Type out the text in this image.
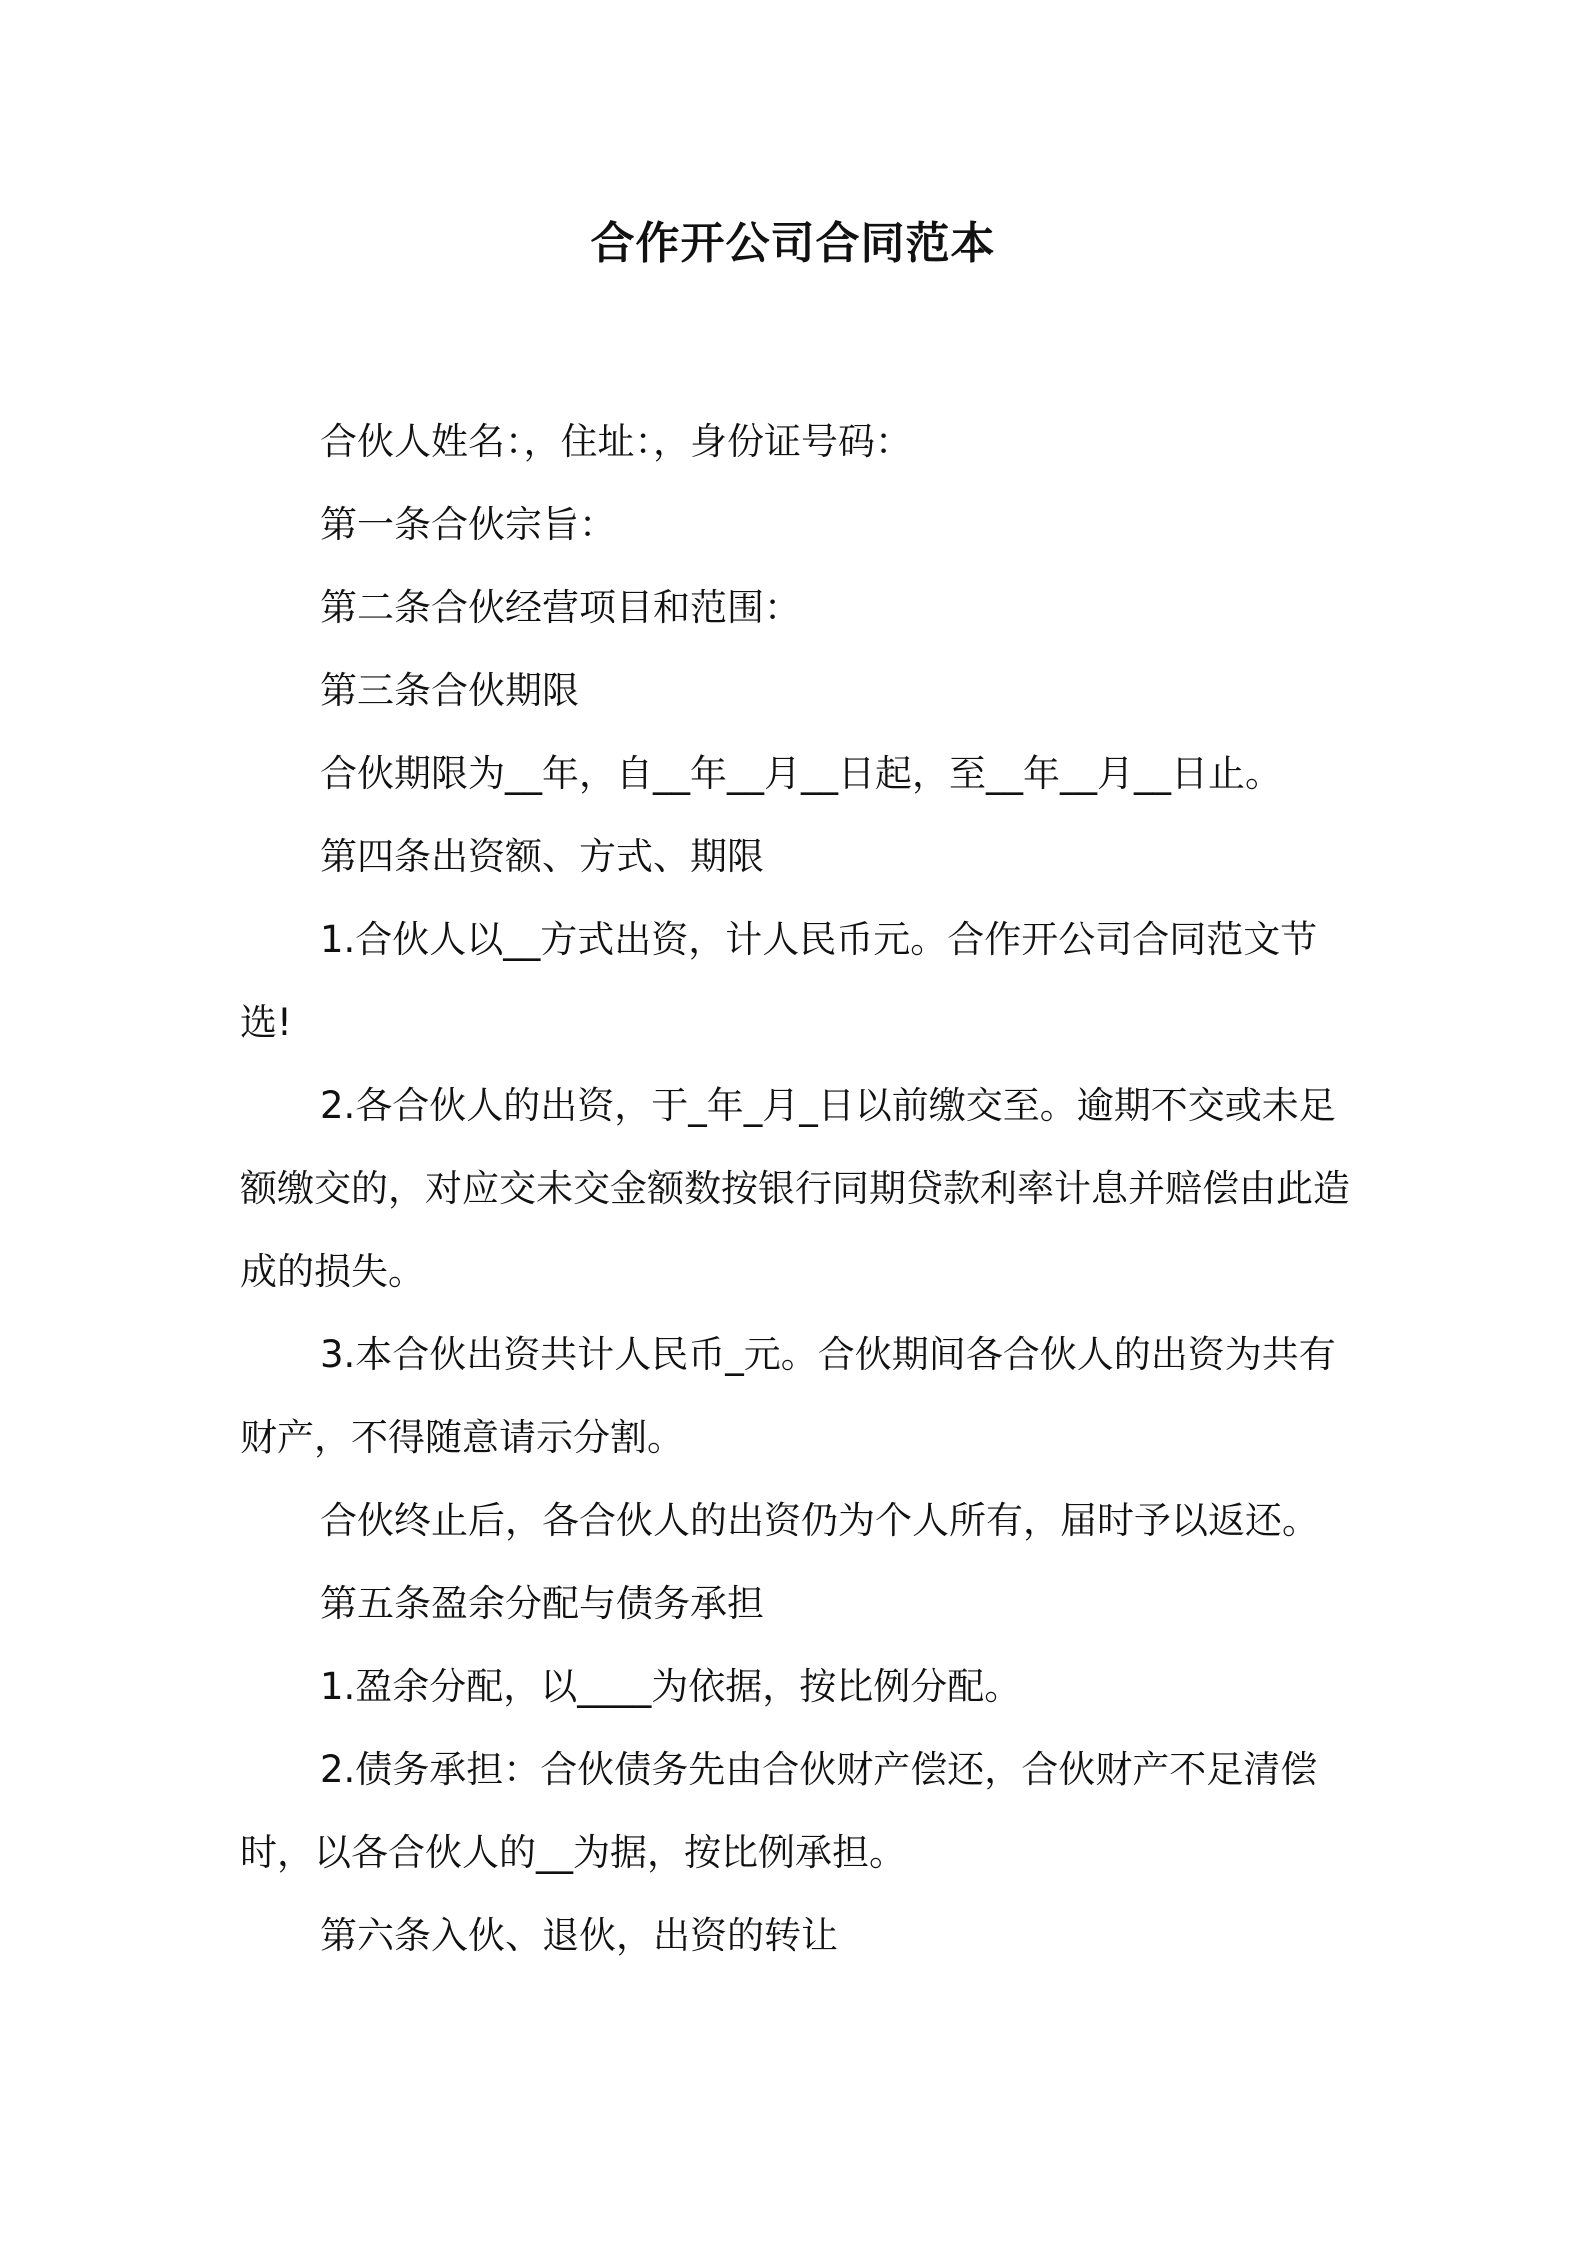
合作开公司合同范本

合伙人姓名：，住址：，身份证号码：

第一条合伙宗旨：

第二条合伙经营项目和范围：

第三条合伙期限

合伙期限为__年，自__年__月__日起，至__年__月__日止。

第四条出资额、方式、期限

1.合伙人以__方式出资，计人民币元。合作开公司合同范文节选!

2.各合伙人的出资，于_年_月_日以前缴交至。逾期不交或未足额缴交的，对应交未交金额数按银行同期贷款利率计息并赔偿由此造成的损失。

3.本合伙出资共计人民币_元。合伙期间各合伙人的出资为共有财产，不得随意请示分割。

合伙终止后，各合伙人的出资仍为个人所有，届时予以返还。

第五条盈余分配与债务承担

1.盈余分配，以____为依据，按比例分配。

2.债务承担：合伙债务先由合伙财产偿还，合伙财产不足清偿时，以各合伙人的__为据，按比例承担。

第六条入伙、退伙，出资的转让
